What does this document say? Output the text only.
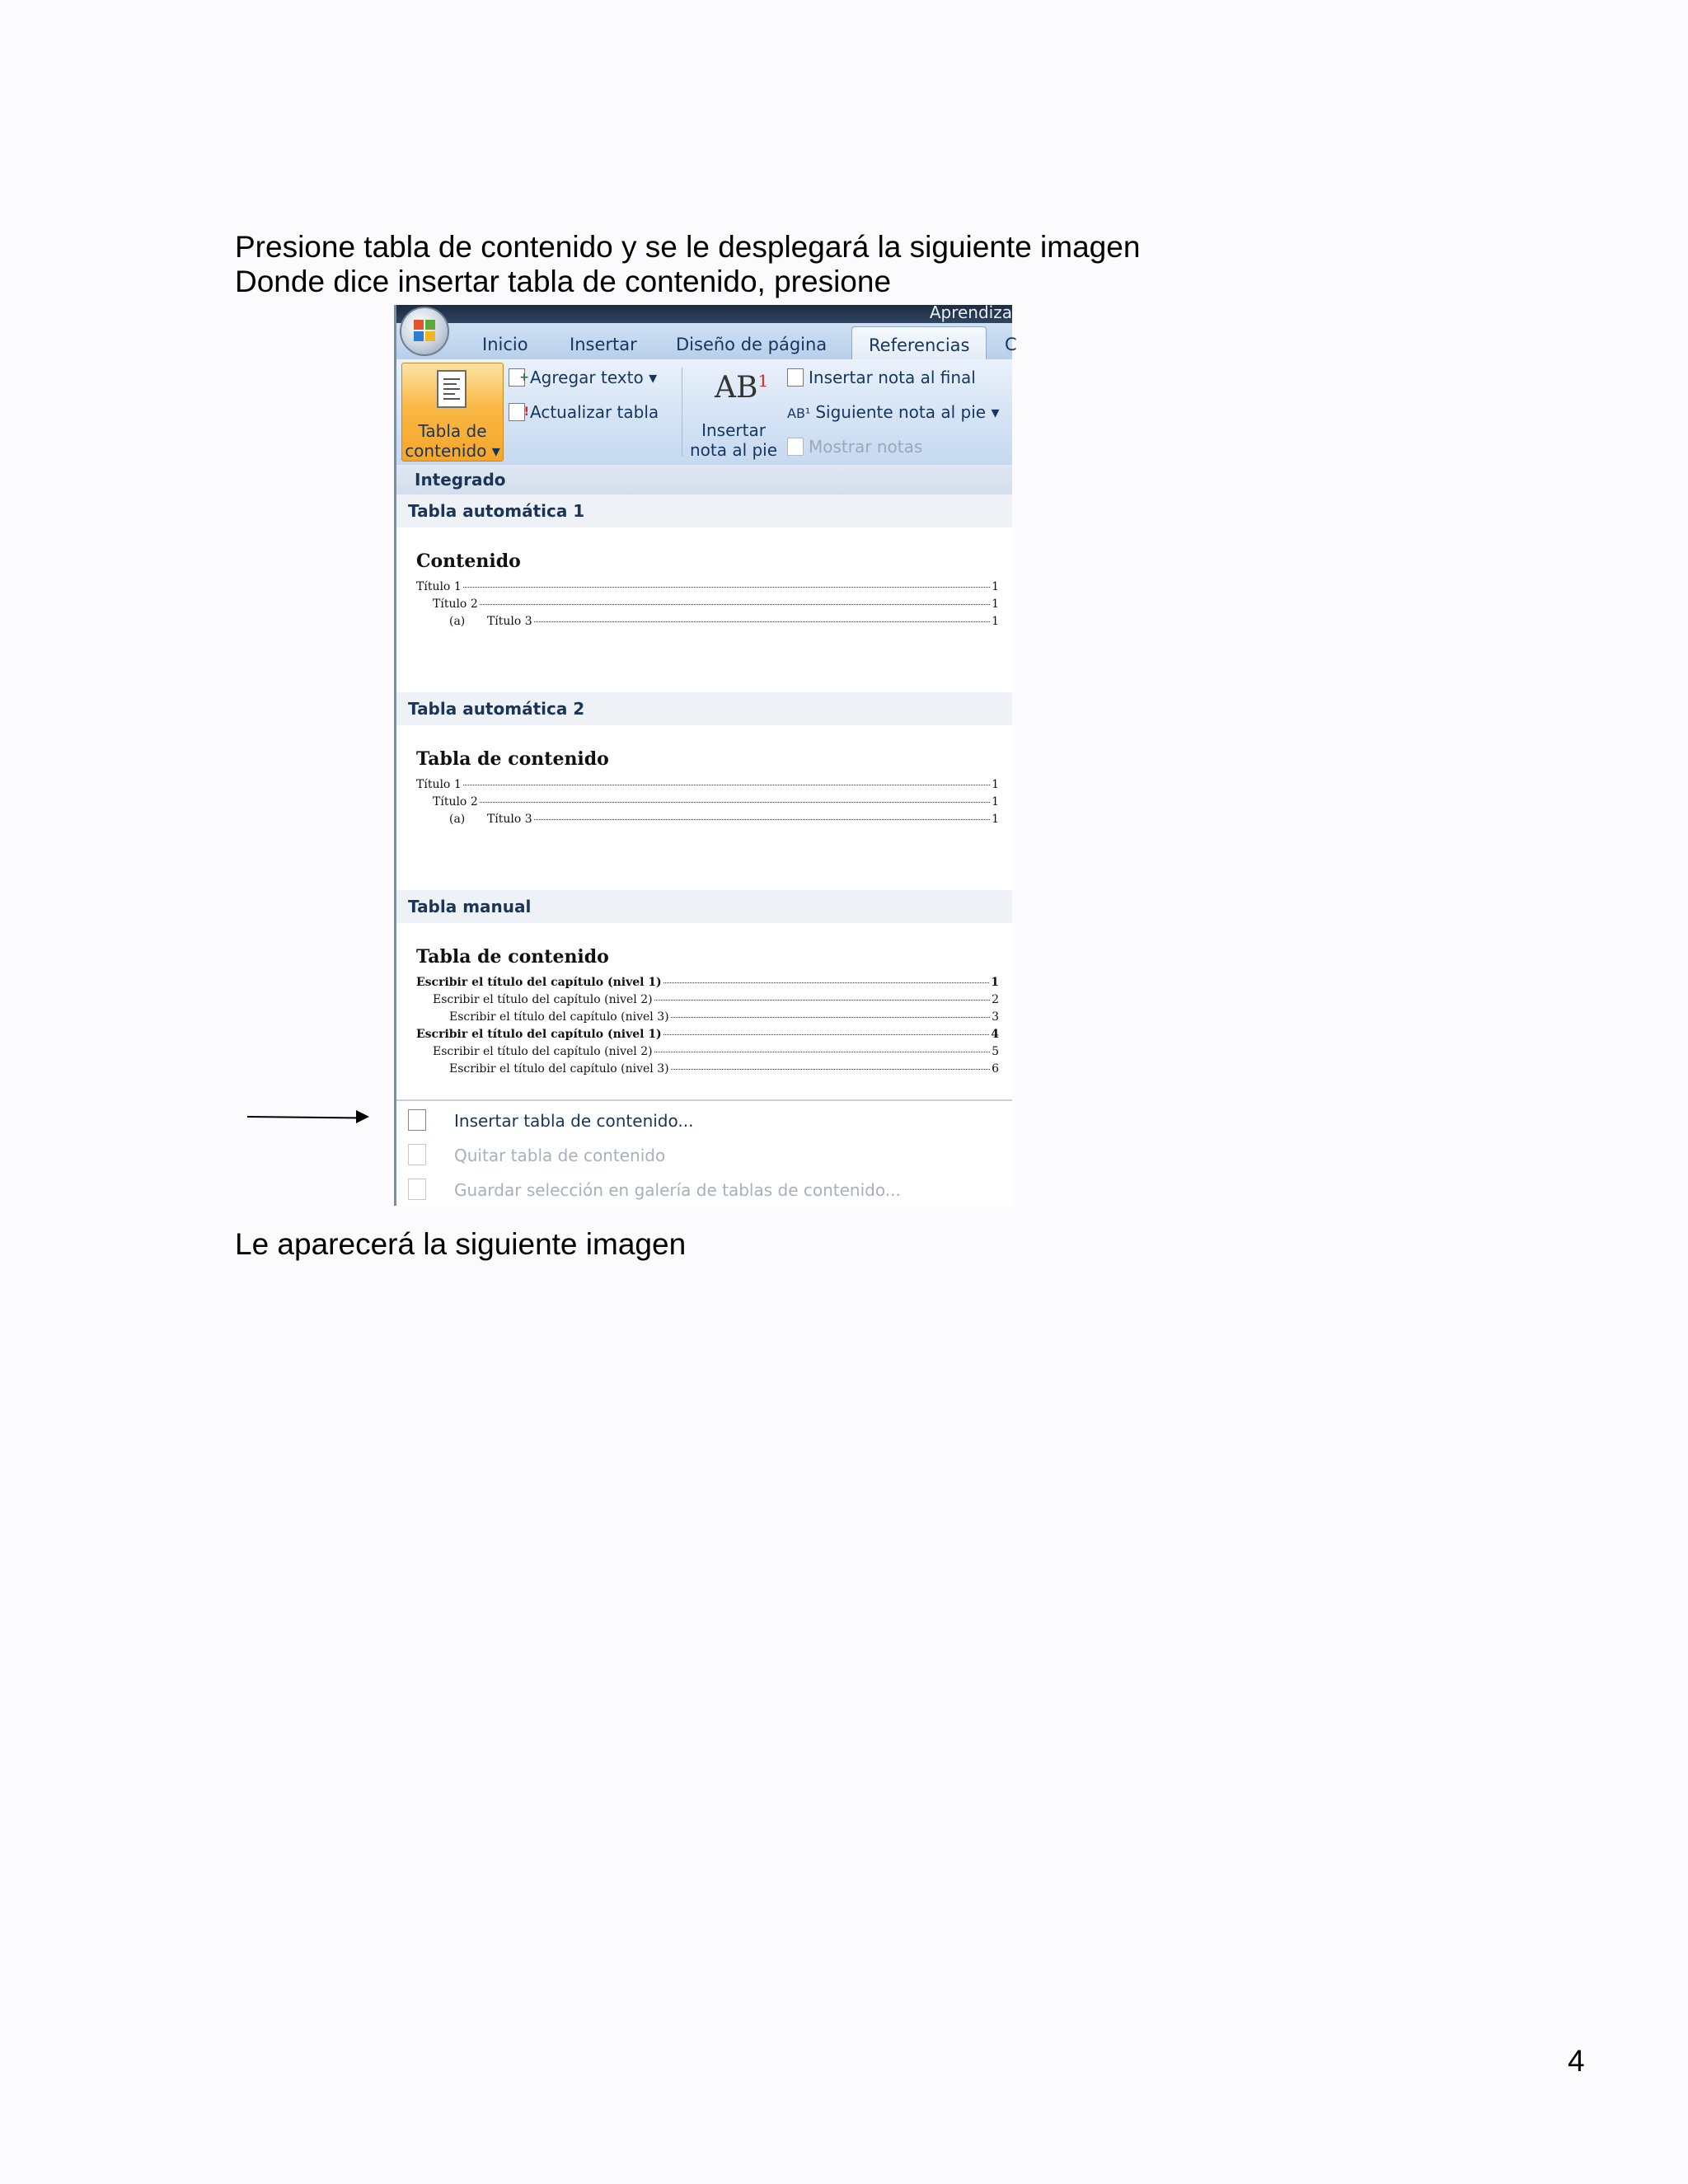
Presione tabla de contenido y se le desplegará la siguiente imagen
Donde dice insertar tabla de contenido, presione
Aprendiza
Inicio Insertar Diseño de página	Referencias	C
Tabla de
contenido ▾
+ Agregar texto ▾
! Actualizar tabla
$AB^1$
Insertar
nota al pie
Insertar nota al final
AB¹ Siguiente nota al pie ▾
Mostrar notas
Integrado
Tabla automática 1
Contenido
Título 1	1
Título 2	1
(a)      Título 3	1
Tabla automática 2
Tabla de contenido
Título 1	1
Título 2	1
(a)      Título 3	1
Tabla manual
Tabla de contenido
Escribir el título del capítulo (nivel 1)	1
Escribir el título del capítulo (nivel 2)	2
Escribir el título del capítulo (nivel 3)	3
Escribir el título del capítulo (nivel 1)	4
Escribir el título del capítulo (nivel 2)	5
Escribir el título del capítulo (nivel 3)	6
Insertar tabla de contenido...
Quitar tabla de contenido
Guardar selección en galería de tablas de contenido...
Le aparecerá la siguiente imagen
4
